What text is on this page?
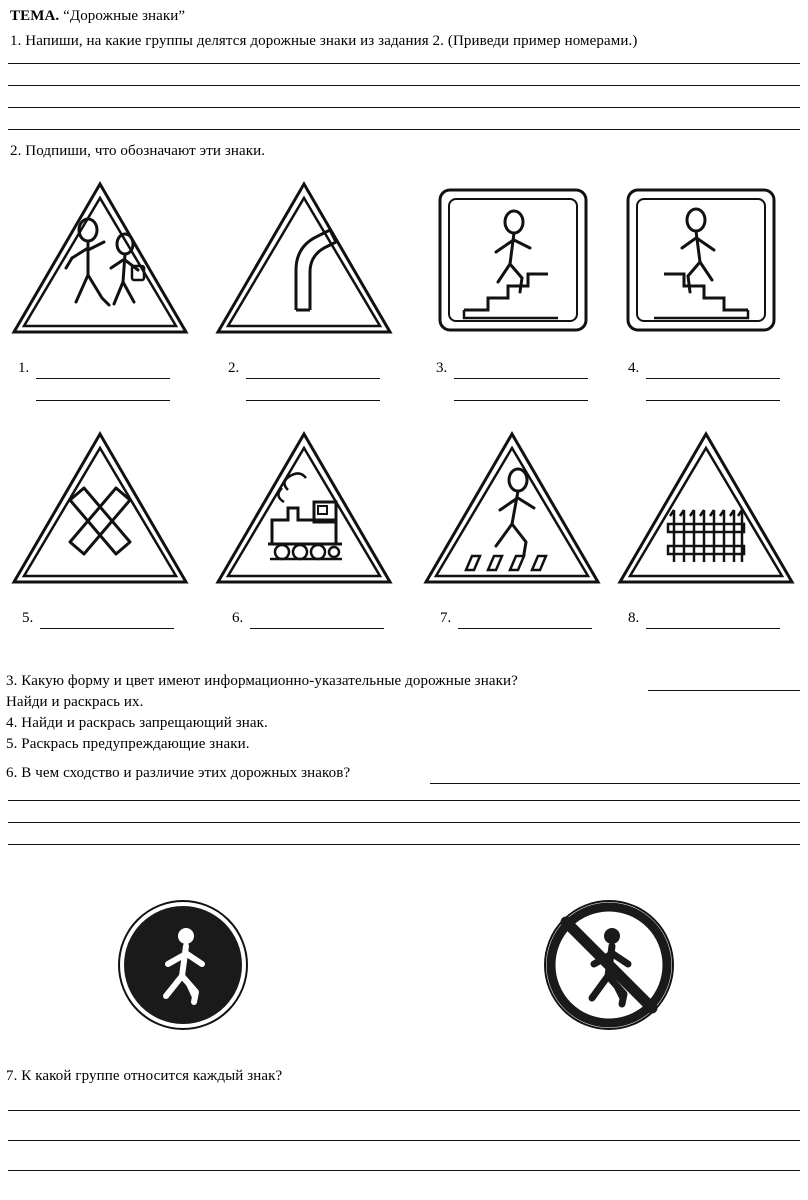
ТЕМА. “Дорожные знаки”
1. Напиши, на какие группы делятся дорожные знаки из задания 2. (Приведи пример номерами.)
2. Подпиши, что обозначают эти знаки.
1.	2.	3.	4.
5.	6.	7.	8.
3. Какую форму и цвет имеют информационно-указательные дорожные знаки?
Найди и раскрась их.
4. Найди и раскрась запрещающий знак.
5. Раскрась предупреждающие знаки.
6. В чем сходство и различие этих дорожных знаков?
7. К какой группе относится каждый знак?
